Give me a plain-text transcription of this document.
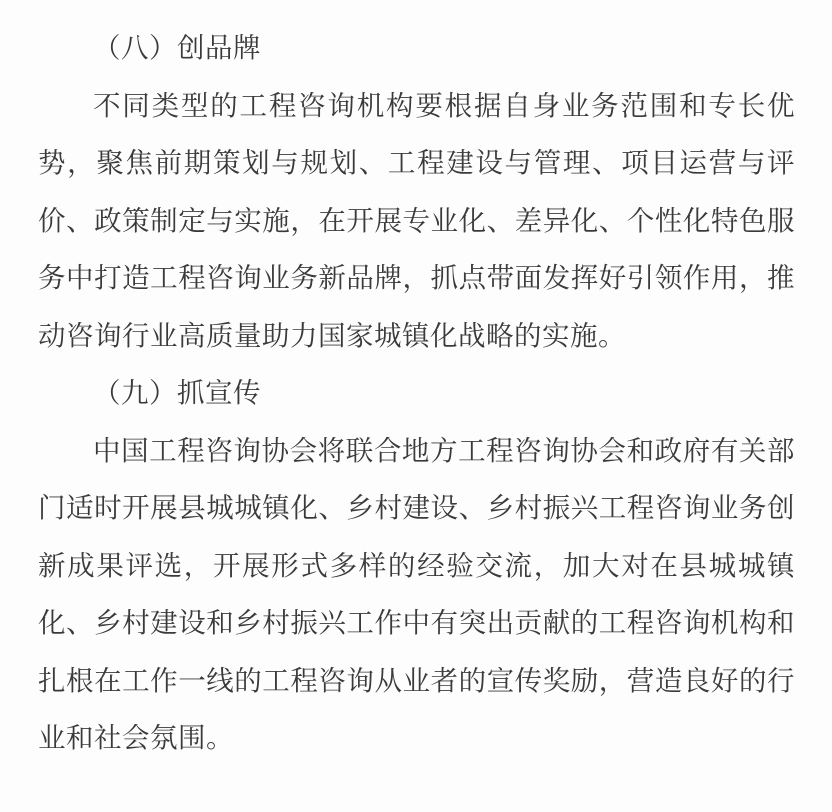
（八）创品牌

不同类型的工程咨询机构要根据自身业务范围和专长优势，聚焦前期策划与规划、工程建设与管理、项目运营与评价、政策制定与实施，在开展专业化、差异化、个性化特色服务中打造工程咨询业务新品牌，抓点带面发挥好引领作用，推动咨询行业高质量助力国家城镇化战略的实施。

（九）抓宣传

中国工程咨询协会将联合地方工程咨询协会和政府有关部门适时开展县城城镇化、乡村建设、乡村振兴工程咨询业务创新成果评选，开展形式多样的经验交流，加大对在县城城镇化、乡村建设和乡村振兴工作中有突出贡献的工程咨询机构和扎根在工作一线的工程咨询从业者的宣传奖励，营造良好的行业和社会氛围。
